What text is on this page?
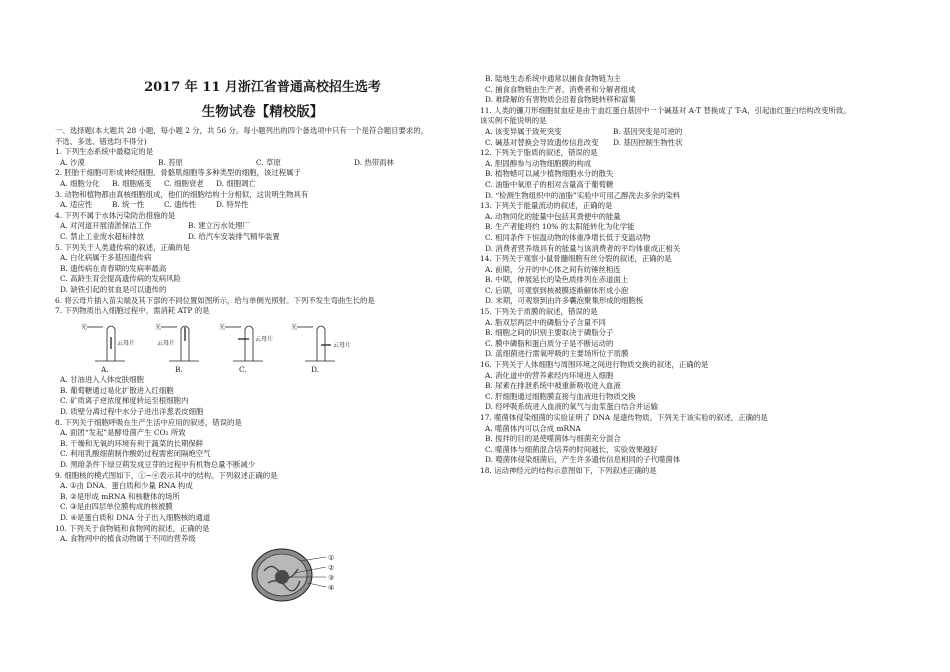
2017 年 11 月浙江省普通高校招生选考
生物试卷【精校版】

一、选择题(本大题共 28 小题，每小题 2 分，共 56 分。每小题列出的四个备选项中只有一个是符合题目要求的，

不选、多选、错选均不得分)

1. 下列生态系统中最稳定的是

A. 沙漠	B. 苔原	C. 草原	D. 热带雨林

2. 胚胎干细胞可形成神经细胞、骨骼肌细胞等多种类型的细胞，该过程属于

A. 细胞分化	B. 细胞癌变	C. 细胞衰老	D. 细胞凋亡

3. 动物和植物都由真核细胞组成，他们的细胞结构十分相似，这说明生物具有

A. 适应性	B. 统一性	C. 遗传性	D. 特异性

4. 下列不属于水体污染防治措施的是

A. 对河道开展清淤保洁工作	B. 建立污水处理厂
C. 禁止工业废水超标排放	D. 给汽车安装排气精华装置

5. 下列关于人类遗传病的叙述，正确的是

A. 白化病属于多基因遗传病

B. 遗传病在青春期的发病率最高

C. 高龄生育会提高遗传病的发病风险

D. 缺铁引起的贫血是可以遗传的

6. 将云母片插入苗尖端及其下部的不同位置如图所示，给与单侧光照射。下列不发生弯曲生长的是

7. 下列物质出入细胞过程中，需消耗 ATP 的是

光	光	光	光
云母片	云母片
云母片
云母片
A.	B.	C.	D.

A. 甘油进入人体皮肤细胞

B. 葡萄糖通过易化扩散进入红细胞

C. 矿质离子逆浓度梯度转运至根细胞内

D. 质壁分离过程中水分子进出洋葱表皮细胞

8. 下列关于细胞呼吸在生产生活中应用的叙述，错误的是

A. 面团“发起”是酵母菌产生 CO₂ 所致

B. 干燥和无氧的环境有利于蔬菜的长期保鲜

C. 利用乳酸细菌制作酸奶过程需密闭隔绝空气

D. 黑暗条件下绿豆萌发成豆芽的过程中有机物总量不断减少

9. 细胞核的模式图如下，①~④表示其中的结构。下列叙述正确的是

A. ①由 DNA、蛋白质和少量 RNA 构成

B. ②是形成 mRNA 和核糖体的场所

C. ③是由四层单位膜构成的核被膜

D. ④是蛋白质和 DNA 分子出入细胞核的通道

10. 下列关于食物链和食物网的叙述，正确的是

A. 食物网中的植食动物属于不同的营养级

①
②
③
④

B. 陆地生态系统中通常以捕食食物链为主

C. 捕食食物链由生产者、消费者和分解者组成

D. 难降解的有害物质会沿着食物链转移和富集

11. 人类的镰刀形细胞贫血症是由于血红蛋白基因中一个碱基对 A-T 替换成了 T-A，引起血红蛋白结构改变所致。

该实例不能说明的是

A. 该变异属于致死突变	B. 基因突变是可逆的
C. 碱基对替换会导致遗传信息改变	D. 基因控制生物性状

12. 下列关于脂质的叙述，错误的是

A. 胆固醇参与动物细胞膜的构成

B. 植物蜡可以减少植物细胞水分的散失

C. 油脂中氧原子的相对含量高于葡萄糖

D. “检测生物组织中的油脂”实验中可用乙醇洗去多余的染料

13. 下列关于能量流动的叙述，正确的是

A. 动物同化的能量中包括其粪便中的能量

B. 生产者能将约 10% 的太阳能转化为化学能

C. 相同条件下恒温动物的体重净增长低于变温动物

D. 消费者营养级具有的能量与该消费者的平均体重成正相关

14. 下列关于观察小鼠骨髓细胞有丝分裂的叙述，正确的是

A. 前期，分开的中心体之间有纺锤丝相连

B. 中期，伸展延长的染色质排列在赤道面上

C. 后期，可观察到核被膜逐渐解体形成小泡

D. 末期，可观察到由许多囊泡聚集形成的细胞板

15. 下列关于质膜的叙述，错误的是

A. 脂双层两层中的磷脂分子含量不同

B. 细胞之间的识别主要取决于磷脂分子

C. 膜中磷脂和蛋白质分子是不断运动的

D. 蓝细菌进行需氧呼吸的主要场所位于质膜

16. 下列关于人体细胞与周围环境之间进行物质交换的叙述，正确的是

A. 消化道中的营养素经内环境进入细胞

B. 尿素在排泄系统中被重新吸收进入血液

C. 肝细胞通过细胞膜直接与血液进行物质交换

D. 经呼吸系统进入血液的氧气与血浆蛋白结合并运输

17. 噬菌体侵染细菌的实验证明了 DNA 是遗传物质。下列关于该实验的叙述，正确的是

A. 噬菌体内可以合成 mRNA

B. 搅拌的目的是使噬菌体与细菌充分混合

C. 噬菌体与细菌混合培养的时间越长，实验效果越好

D. 噬菌体侵染细菌后，产生许多遗传信息相同的子代噬菌体

18. 运动神经元的结构示意图如下，下列叙述正确的是
